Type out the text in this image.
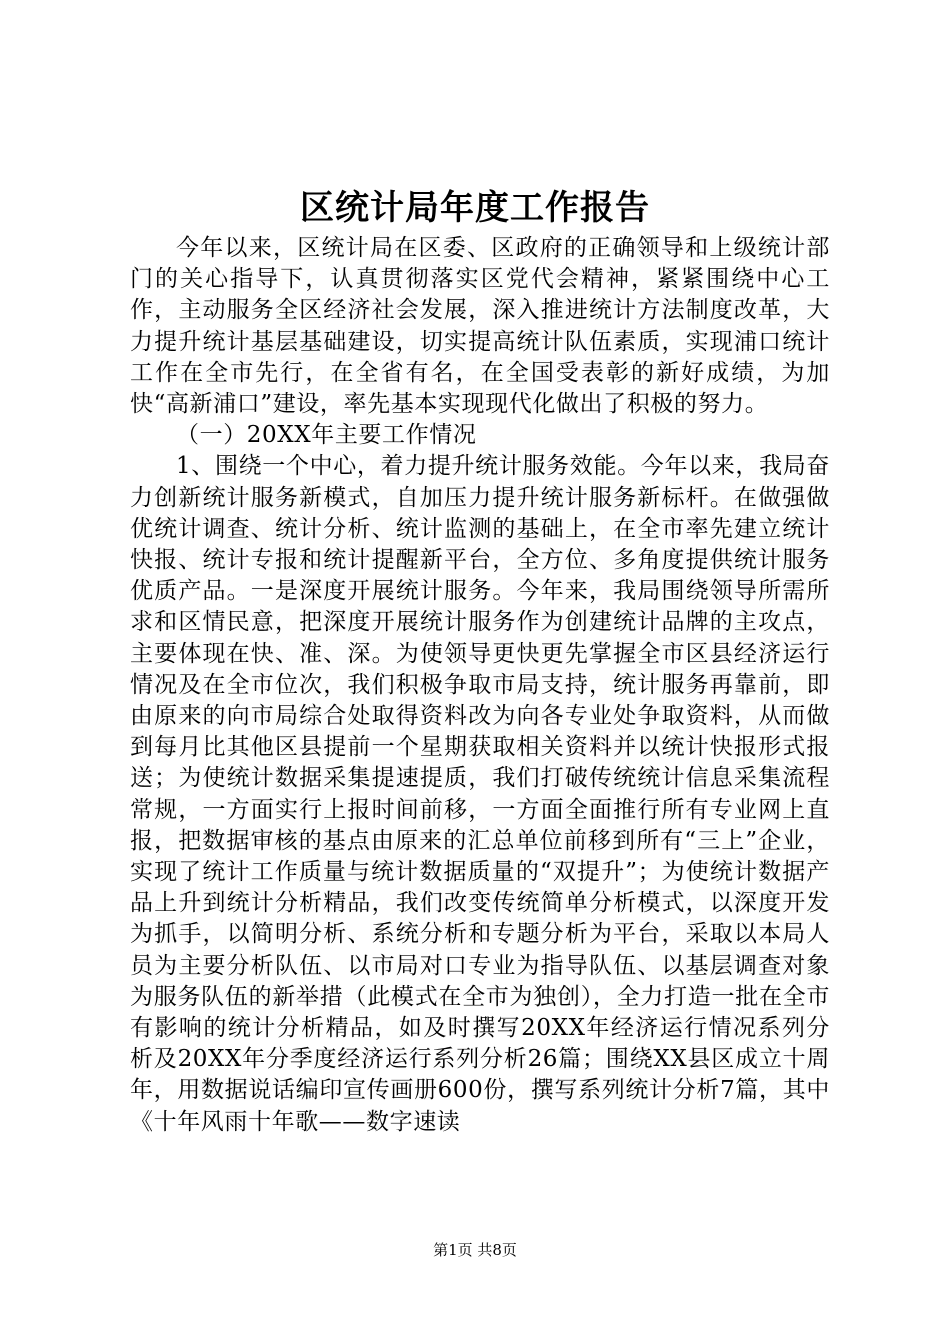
区统计局年度工作报告

今年以来，区统计局在区委、区政府的正确领导和上级统计部门的关心指导下，认真贯彻落实区党代会精神，紧紧围绕中心工作，主动服务全区经济社会发展，深入推进统计方法制度改革，大力提升统计基层基础建设，切实提高统计队伍素质，实现浦口统计工作在全市先行，在全省有名，在全国受表彰的新好成绩，为加快“高新浦口”建设，率先基本实现现代化做出了积极的努力。

（一）20XX年主要工作情况

1、围绕一个中心，着力提升统计服务效能。今年以来，我局奋力创新统计服务新模式，自加压力提升统计服务新标杆。在做强做优统计调查、统计分析、统计监测的基础上，在全市率先建立统计快报、统计专报和统计提醒新平台，全方位、多角度提供统计服务优质产品。一是深度开展统计服务。今年来，我局围绕领导所需所求和区情民意，把深度开展统计服务作为创建统计品牌的主攻点，主要体现在快、准、深。为使领导更快更先掌握全市区县经济运行情况及在全市位次，我们积极争取市局支持，统计服务再靠前，即由原来的向市局综合处取得资料改为向各专业处争取资料，从而做到每月比其他区县提前一个星期获取相关资料并以统计快报形式报送；为使统计数据采集提速提质，我们打破传统统计信息采集流程常规，一方面实行上报时间前移，一方面全面推行所有专业网上直报，把数据审核的基点由原来的汇总单位前移到所有“三上”企业，实现了统计工作质量与统计数据质量的“双提升”；为使统计数据产品上升到统计分析精品，我们改变传统简单分析模式，以深度开发为抓手，以简明分析、系统分析和专题分析为平台，采取以本局人员为主要分析队伍、以市局对口专业为指导队伍、以基层调查对象为服务队伍的新举措（此模式在全市为独创），全力打造一批在全市有影响的统计分析精品，如及时撰写20XX年经济运行情况系列分析及20XX年分季度经济运行系列分析26篇；围绕XX县区成立十周年，用数据说话编印宣传画册600份，撰写系列统计分析7篇，其中《十年风雨十年歌——数字速读

第1页 共8页
